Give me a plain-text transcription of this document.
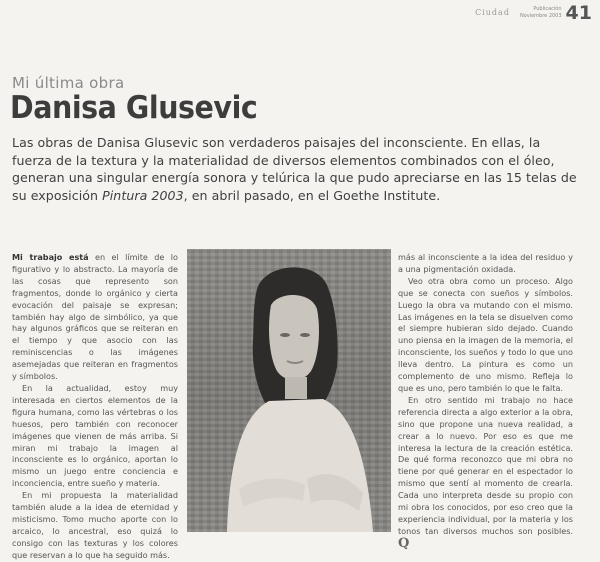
Ciudad	Publicación
Noviembre 2003 41
Mi última obra
Danisa Glusevic

Las obras de Danisa Glusevic son verdaderos paisajes del inconsciente. En ellas, la fuerza de la textura y la materialidad de diversos elementos combinados con el óleo, generan una singular energía sonora y telúrica la que pudo apreciarse en las 15 telas de su exposición Pintura 2003, en abril pasado, en el Goethe Institute.

Mi trabajo está en el límite de lo figurativo y lo abstracto. La mayoría de las cosas que represento son fragmentos, donde lo orgánico y cierta evocación del paisaje se expresan; también hay algo de simbólico, ya que hay algunos gráficos que se reiteran en el tiempo y que asocio con las reminiscencias o las imágenes asemejadas que reiteran en fragmentos y símbolos.

En la actualidad, estoy muy interesada en ciertos elementos de la figura humana, como las vértebras o los huesos, pero también con reconocer imágenes que vienen de más arriba. Si miran mi trabajo la imagen al inconsciente es lo orgánico, aportan lo mismo un juego entre conciencia e inconciencia, entre sueño y materia.

En mi propuesta la materialidad también alude a la idea de eternidad y misticismo. Tomo mucho aporte con lo arcaico, lo ancestral, eso quizá lo consigo con las texturas y los colores que reservan a lo que ha seguido más.

más al inconsciente a la idea del residuo y a una pigmentación oxidada.

Veo otra obra como un proceso. Algo que se conecta con sueños y símbolos. Luego la obra va mutando con el mismo. Las imágenes en la tela se disuelven como el siempre hubieran sido dejado. Cuando uno piensa en la imagen de la memoria, el inconsciente, los sueños y todo lo que uno lleva dentro. La pintura es como un complemento de uno mismo. Refleja lo que es uno, pero también lo que le falta.

En otro sentido mi trabajo no hace referencia directa a algo exterior a la obra, sino que propone una nueva realidad, a crear a lo nuevo. Por eso es que me interesa la lectura de la creación estética. De qué forma reconozco que mi obra no tiene por qué generar en el espectador lo mismo que sentí al momento de crearla. Cada uno interpreta desde su propio con mi obra los conocidos, por eso creo que la experiencia individual, por la materia y los tonos tan diversos muchos son posibles. Q
